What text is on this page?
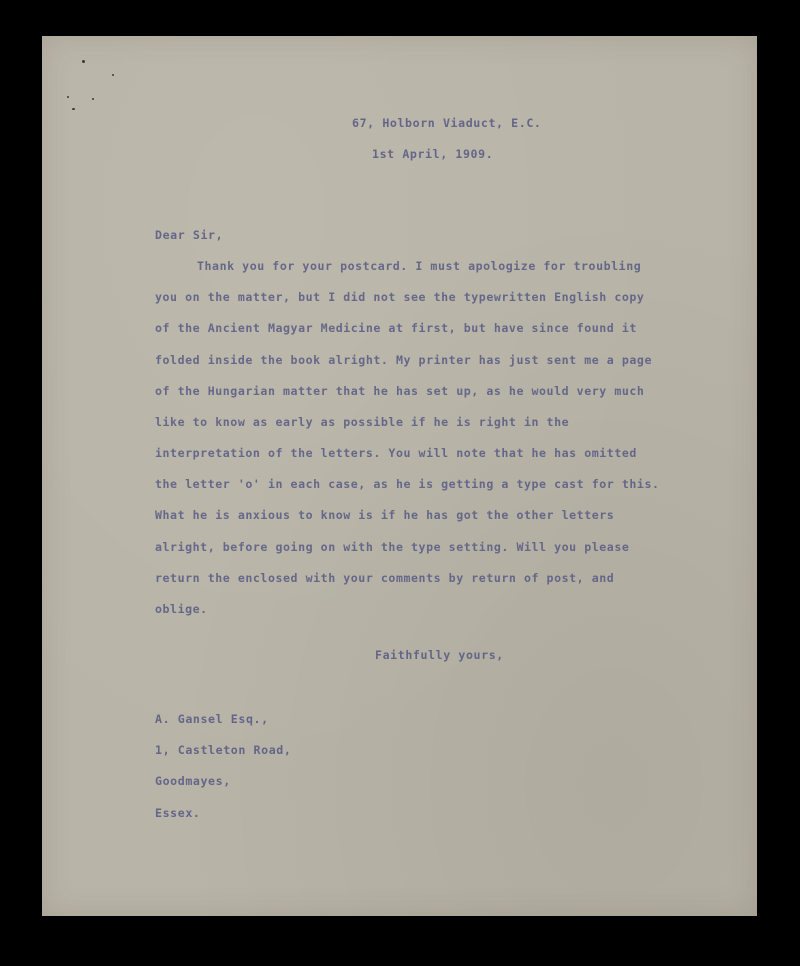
67, Holborn Viaduct, E.C.
1st April, 1909.
Dear Sir,
Thank you for your postcard. I must apologize for troubling
you on the matter, but I did not see the typewritten English copy
of the Ancient Magyar Medicine at first, but have since found it
folded inside the book alright. My printer has just sent me a page
of the Hungarian matter that he has set up, as he would very much
like to know as early as possible if he is right in the
interpretation of the letters. You will note that he has omitted
the letter 'o' in each case, as he is getting a type cast for this.
What he is anxious to know is if he has got the other letters
alright, before going on with the type setting. Will you please
return the enclosed with your comments by return of post, and
oblige.
Faithfully yours,
A. Gansel Esq.,
1, Castleton Road,
Goodmayes,
Essex.
